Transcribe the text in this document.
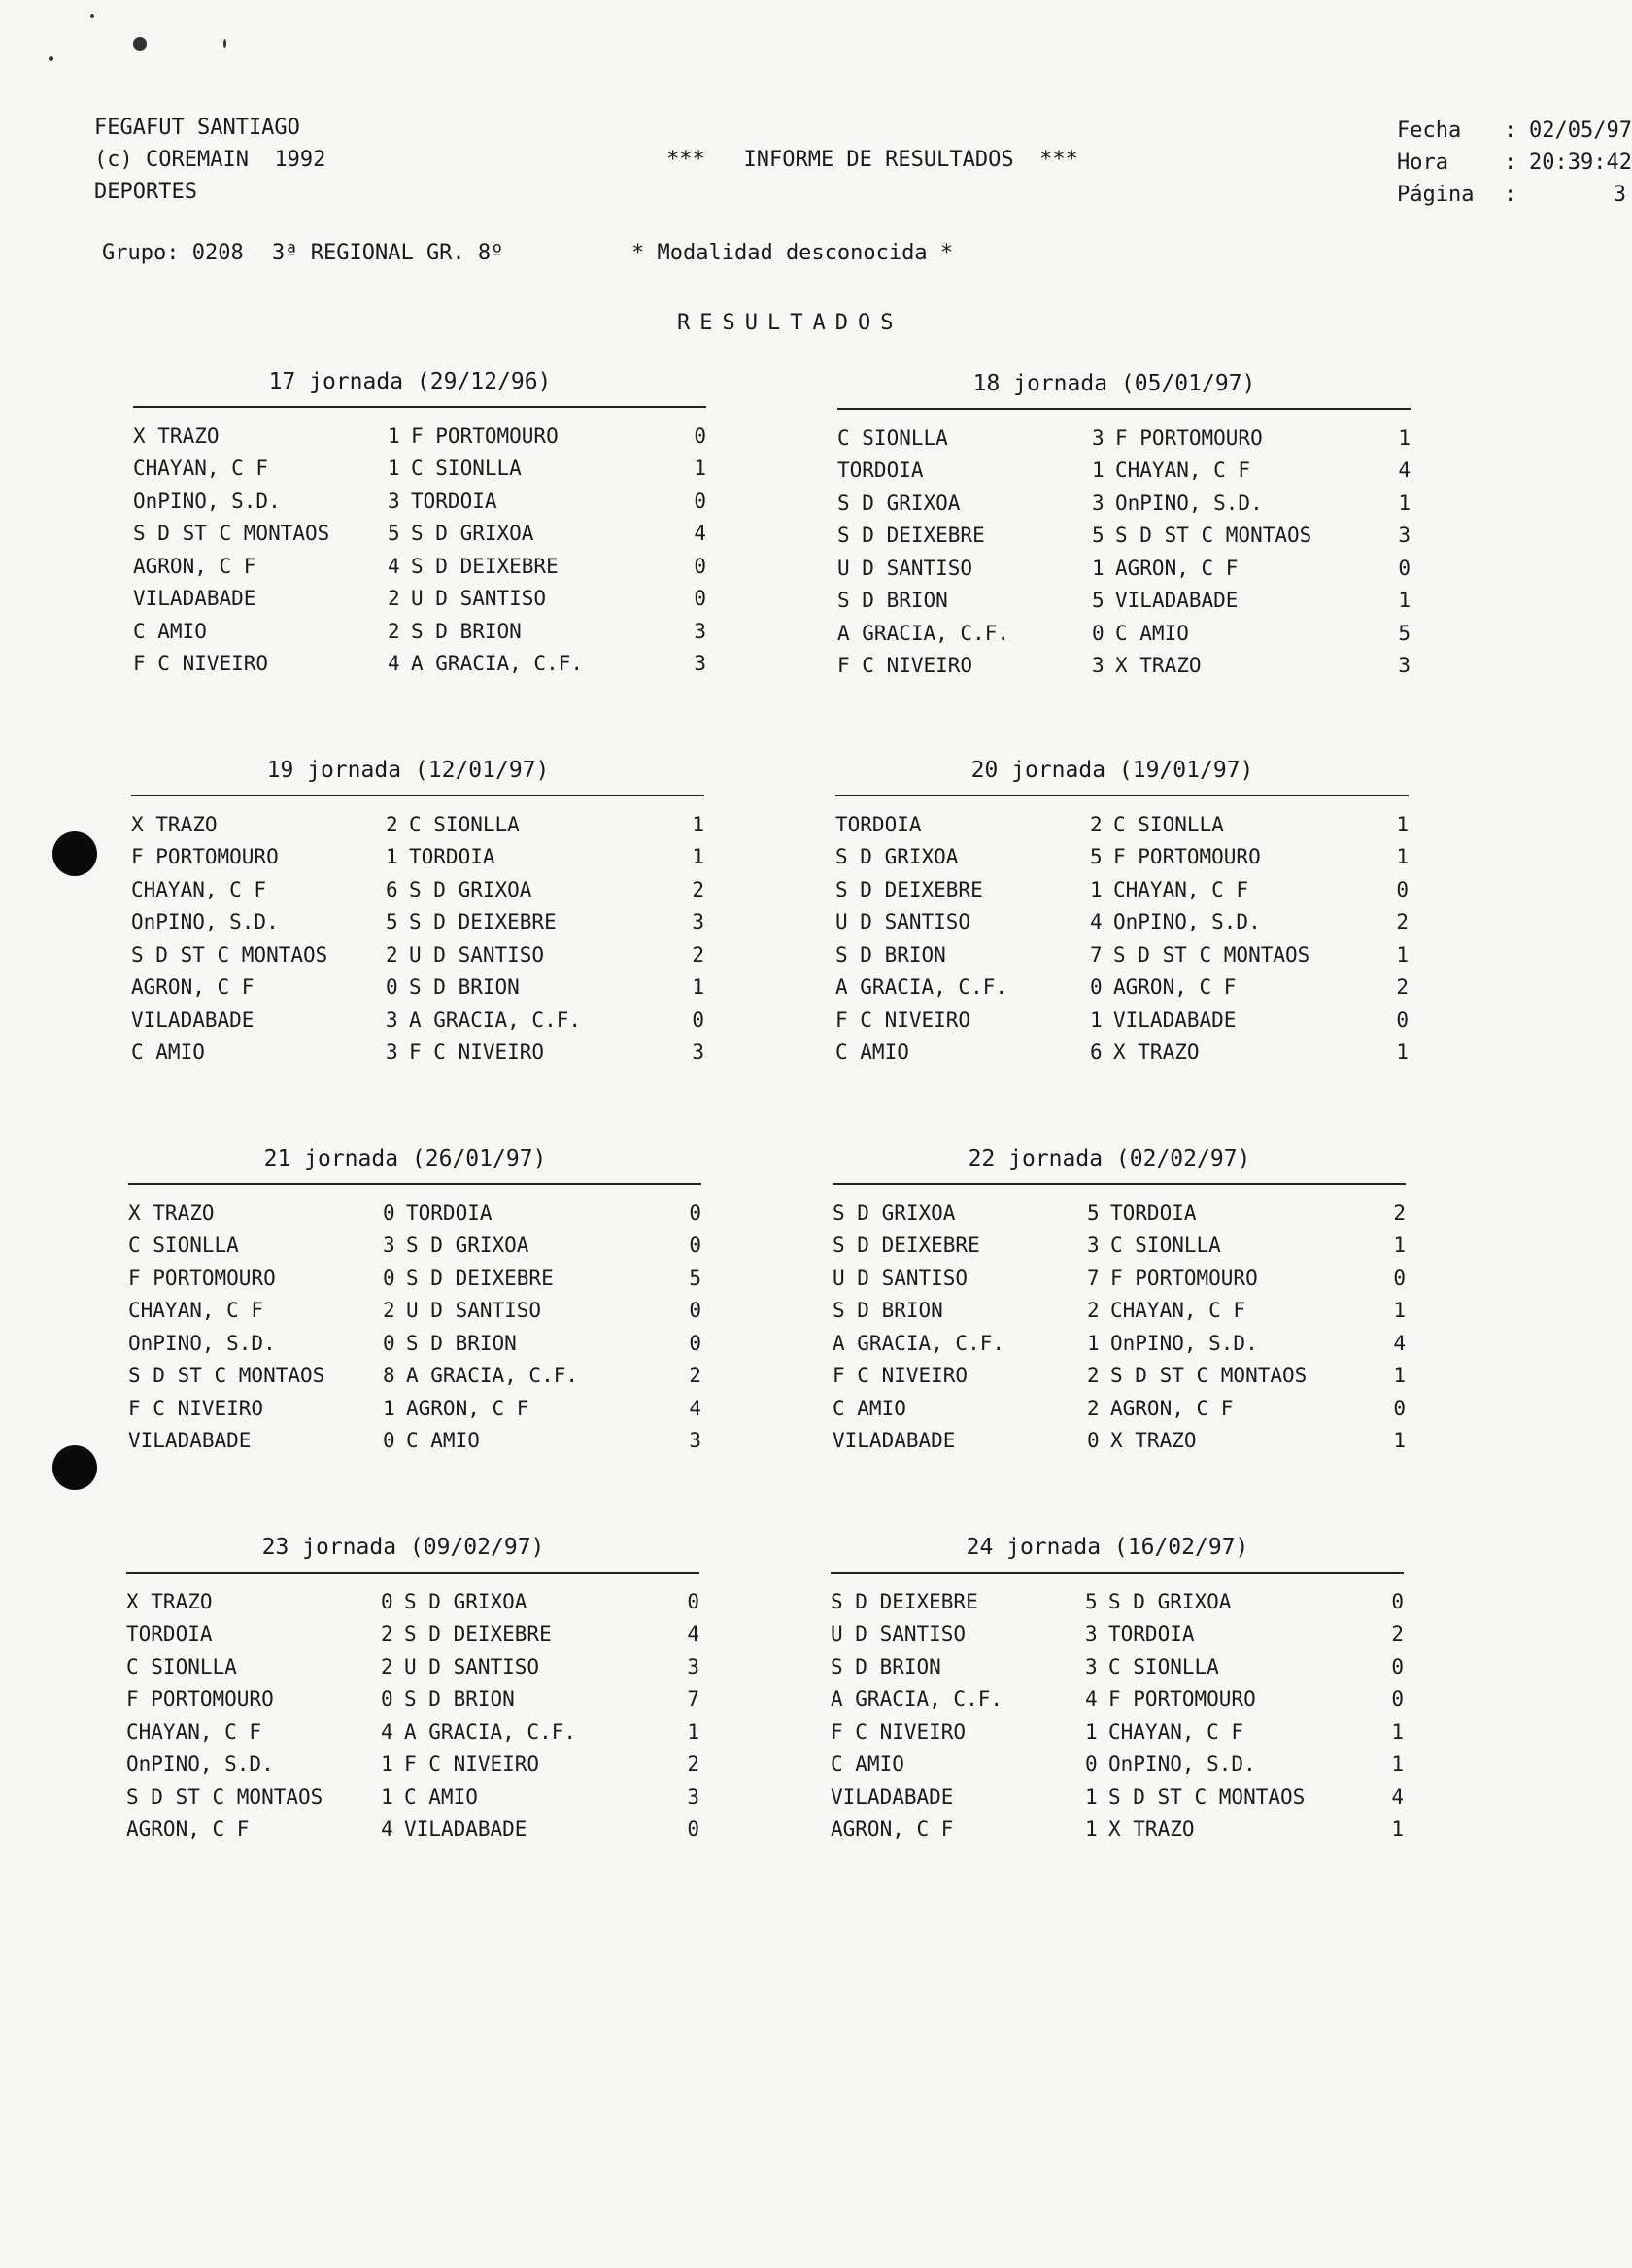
FEGAFUT SANTIAGO
(c) COREMAIN  1992
DEPORTES
***   INFORME DE RESULTADOS  ***
Fecha	: 02/05/97
Hora	: 20:39:42
Página	:	3
Grupo: 0208 3ª REGIONAL GR. 8º	* Modalidad desconocida *
RESULTADOS
17 jornada (29/12/96)
X TRAZO	1 F PORTOMOURO	0
CHAYAN, C F	1 C SIONLLA	1
OnPINO, S.D.	3 TORDOIA	0
S D ST C MONTAOS	5 S D GRIXOA	4
AGRON, C F	4 S D DEIXEBRE	0
VILADABADE	2 U D SANTISO	0
C AMIO	2 S D BRION	3
F C NIVEIRO	4 A GRACIA, C.F.	3
18 jornada (05/01/97)
C SIONLLA	3 F PORTOMOURO	1
TORDOIA	1 CHAYAN, C F	4
S D GRIXOA	3 OnPINO, S.D.	1
S D DEIXEBRE	5 S D ST C MONTAOS	3
U D SANTISO	1 AGRON, C F	0
S D BRION	5 VILADABADE	1
A GRACIA, C.F.	0 C AMIO	5
F C NIVEIRO	3 X TRAZO	3
19 jornada (12/01/97)
X TRAZO	2 C SIONLLA	1
F PORTOMOURO	1 TORDOIA	1
CHAYAN, C F	6 S D GRIXOA	2
OnPINO, S.D.	5 S D DEIXEBRE	3
S D ST C MONTAOS	2 U D SANTISO	2
AGRON, C F	0 S D BRION	1
VILADABADE	3 A GRACIA, C.F.	0
C AMIO	3 F C NIVEIRO	3
20 jornada (19/01/97)
TORDOIA	2 C SIONLLA	1
S D GRIXOA	5 F PORTOMOURO	1
S D DEIXEBRE	1 CHAYAN, C F	0
U D SANTISO	4 OnPINO, S.D.	2
S D BRION	7 S D ST C MONTAOS	1
A GRACIA, C.F.	0 AGRON, C F	2
F C NIVEIRO	1 VILADABADE	0
C AMIO	6 X TRAZO	1
21 jornada (26/01/97)
X TRAZO	0 TORDOIA	0
C SIONLLA	3 S D GRIXOA	0
F PORTOMOURO	0 S D DEIXEBRE	5
CHAYAN, C F	2 U D SANTISO	0
OnPINO, S.D.	0 S D BRION	0
S D ST C MONTAOS	8 A GRACIA, C.F.	2
F C NIVEIRO	1 AGRON, C F	4
VILADABADE	0 C AMIO	3
22 jornada (02/02/97)
S D GRIXOA	5 TORDOIA	2
S D DEIXEBRE	3 C SIONLLA	1
U D SANTISO	7 F PORTOMOURO	0
S D BRION	2 CHAYAN, C F	1
A GRACIA, C.F.	1 OnPINO, S.D.	4
F C NIVEIRO	2 S D ST C MONTAOS	1
C AMIO	2 AGRON, C F	0
VILADABADE	0 X TRAZO	1
23 jornada (09/02/97)
X TRAZO	0 S D GRIXOA	0
TORDOIA	2 S D DEIXEBRE	4
C SIONLLA	2 U D SANTISO	3
F PORTOMOURO	0 S D BRION	7
CHAYAN, C F	4 A GRACIA, C.F.	1
OnPINO, S.D.	1 F C NIVEIRO	2
S D ST C MONTAOS	1 C AMIO	3
AGRON, C F	4 VILADABADE	0
24 jornada (16/02/97)
S D DEIXEBRE	5 S D GRIXOA	0
U D SANTISO	3 TORDOIA	2
S D BRION	3 C SIONLLA	0
A GRACIA, C.F.	4 F PORTOMOURO	0
F C NIVEIRO	1 CHAYAN, C F	1
C AMIO	0 OnPINO, S.D.	1
VILADABADE	1 S D ST C MONTAOS	4
AGRON, C F	1 X TRAZO	1
